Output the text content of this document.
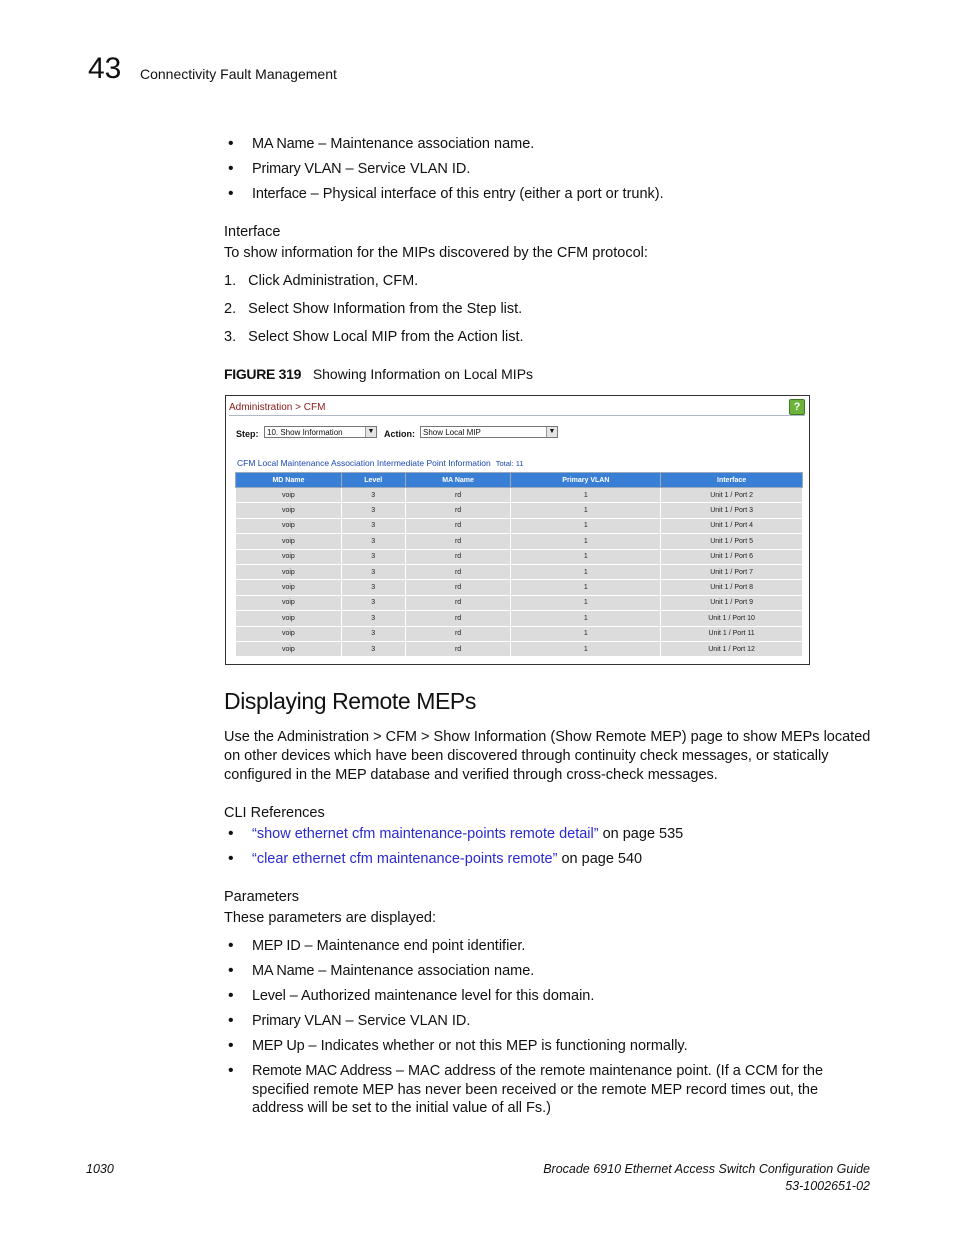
43 Connectivity Fault Management
• MA Name – Maintenance association name.
• Primary VLAN – Service VLAN ID.
• Interface – Physical interface of this entry (either a port or trunk).
Interface
To show information for the MIPs discovered by the CFM protocol:
1.   Click Administration, CFM.
2.   Select Show Information from the Step list.
3.   Select Show Local MIP from the Action list.
FIGURE 319 Showing Information on Local MIPs
Administration > CFM	?
Step:	10. Show Information	▼ Action:	Show Local MIP	▼
CFM Local Maintenance Association Intermediate Point Information Total: 11
MD Name	Level	MA Name	Primary VLAN	Interface
voip	3	rd	1	Unit 1 / Port 2
voip	3	rd	1	Unit 1 / Port 3
voip	3	rd	1	Unit 1 / Port 4
voip	3	rd	1	Unit 1 / Port 5
voip	3	rd	1	Unit 1 / Port 6
voip	3	rd	1	Unit 1 / Port 7
voip	3	rd	1	Unit 1 / Port 8
voip	3	rd	1	Unit 1 / Port 9
voip	3	rd	1	Unit 1 / Port 10
voip	3	rd	1	Unit 1 / Port 11
voip	3	rd	1	Unit 1 / Port 12
Displaying Remote MEPs
Use the Administration > CFM > Show Information (Show Remote MEP) page to show MEPs located
on other devices which have been discovered through continuity check messages, or statically
configured in the MEP database and verified through cross-check messages.
CLI References
• “show ethernet cfm maintenance-points remote detail” on page 535
• “clear ethernet cfm maintenance-points remote” on page 540
Parameters
These parameters are displayed:
• MEP ID – Maintenance end point identifier.
• MA Name – Maintenance association name.
• Level – Authorized maintenance level for this domain.
• Primary VLAN – Service VLAN ID.
• MEP Up – Indicates whether or not this MEP is functioning normally.
• Remote MAC Address – MAC address of the remote maintenance point. (If a CCM for the
specified remote MEP has never been received or the remote MEP record times out, the
address will be set to the initial value of all Fs.)
1030	Brocade 6910 Ethernet Access Switch Configuration Guide
53-1002651-02
